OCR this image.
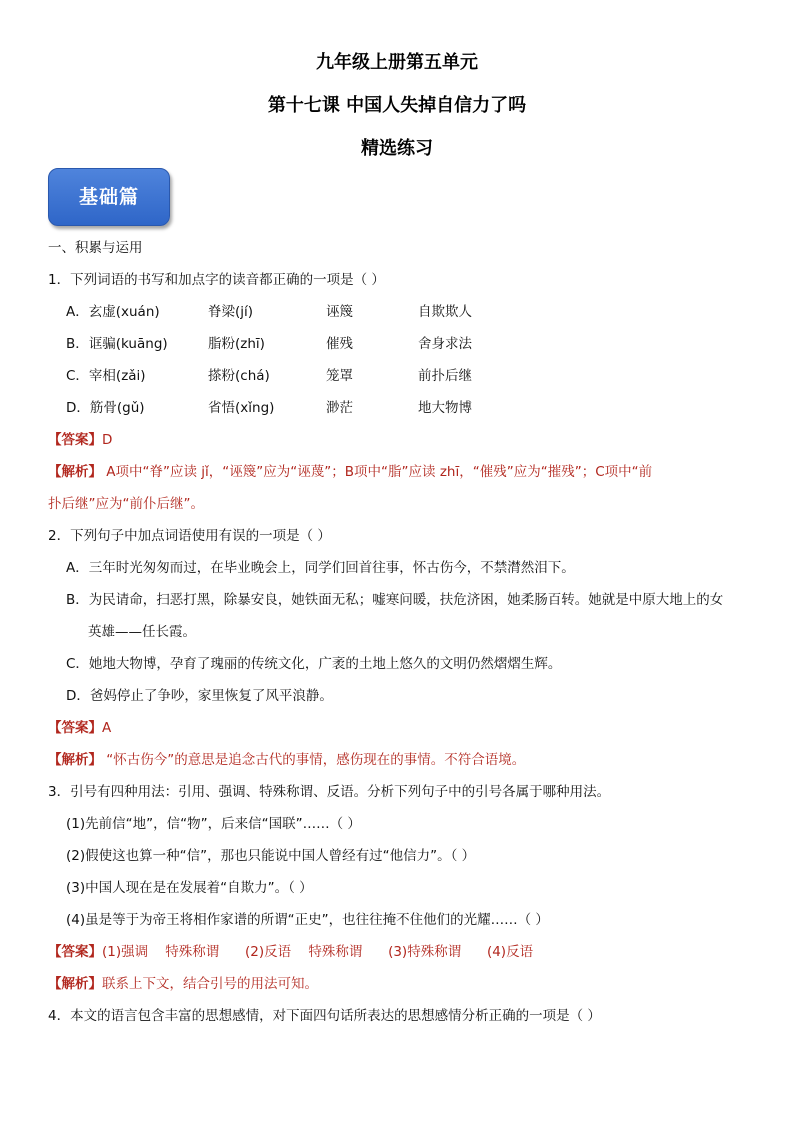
九年级上册第五单元
第十七课 中国人失掉自信力了吗
精选练习
基础篇
一、积累与运用
1．下列词语的书写和加点字的读音都正确的一项是（ ）
A．玄虚(xuán)	脊梁(jí)	诬篾	自欺欺人
B．诓骗(kuāng)	脂粉(zhī)	催残	舍身求法
C．宰相(zǎi)	搽粉(chá)	笼罩	前扑后继
D．筋骨(gǔ)	省悟(xǐng)	渺茫	地大物博
【答案】D
【解析】 A项中“脊”应读 jǐ，“诬篾”应为“诬蔑”；B项中“脂”应读 zhī，“催残”应为“摧残”；C项中“前
扑后继”应为“前仆后继”。
2．下列句子中加点词语使用有误的一项是（ ）
A．三年时光匆匆而过，在毕业晚会上，同学们回首往事，怀古伤今，不禁潸然泪下。
B．为民请命，扫恶打黑，除暴安良，她铁面无私；嘘寒问暖，扶危济困，她柔肠百转。她就是中原大地上的女
英雄——任长霞。
C．她地大物博，孕育了瑰丽的传统文化，广袤的土地上悠久的文明仍然熠熠生辉。
D．爸妈停止了争吵，家里恢复了风平浪静。
【答案】A
【解析】 “怀古伤今”的意思是追念古代的事情，感伤现在的事情。不符合语境。
3．引号有四种用法：引用、强调、特殊称谓、反语。分析下列句子中的引号各属于哪种用法。
(1)先前信“地”，信“物”，后来信“国联”……（ ）
(2)假使这也算一种“信”，那也只能说中国人曾经有过“他信力”。（ ）
(3)中国人现在是在发展着“自欺力”。（ ）
(4)虽是等于为帝王将相作家谱的所谓“正史”，也往往掩不住他们的光耀……（ ）
【答案】(1)强调    特殊称谓      (2)反语    特殊称谓      (3)特殊称谓      (4)反语
【解析】联系上下文，结合引号的用法可知。
4．本文的语言包含丰富的思想感情，对下面四句话所表达的思想感情分析正确的一项是（ ）
